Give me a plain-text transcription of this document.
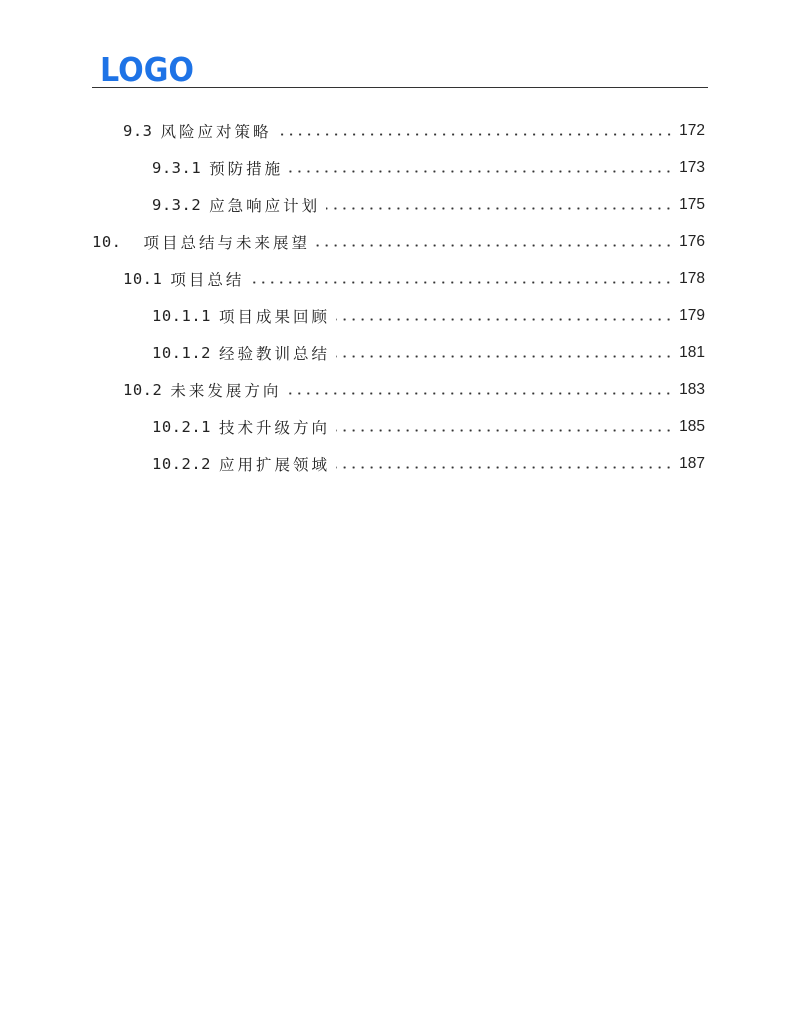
LOGO
9.3 风险应对策略	172
9.3.1 预防措施	173
9.3.2 应急响应计划	175
10. 项目总结与未来展望	176
10.1 项目总结	178
10.1.1 项目成果回顾	179
10.1.2 经验教训总结	181
10.2 未来发展方向	183
10.2.1 技术升级方向	185
10.2.2 应用扩展领域	187
